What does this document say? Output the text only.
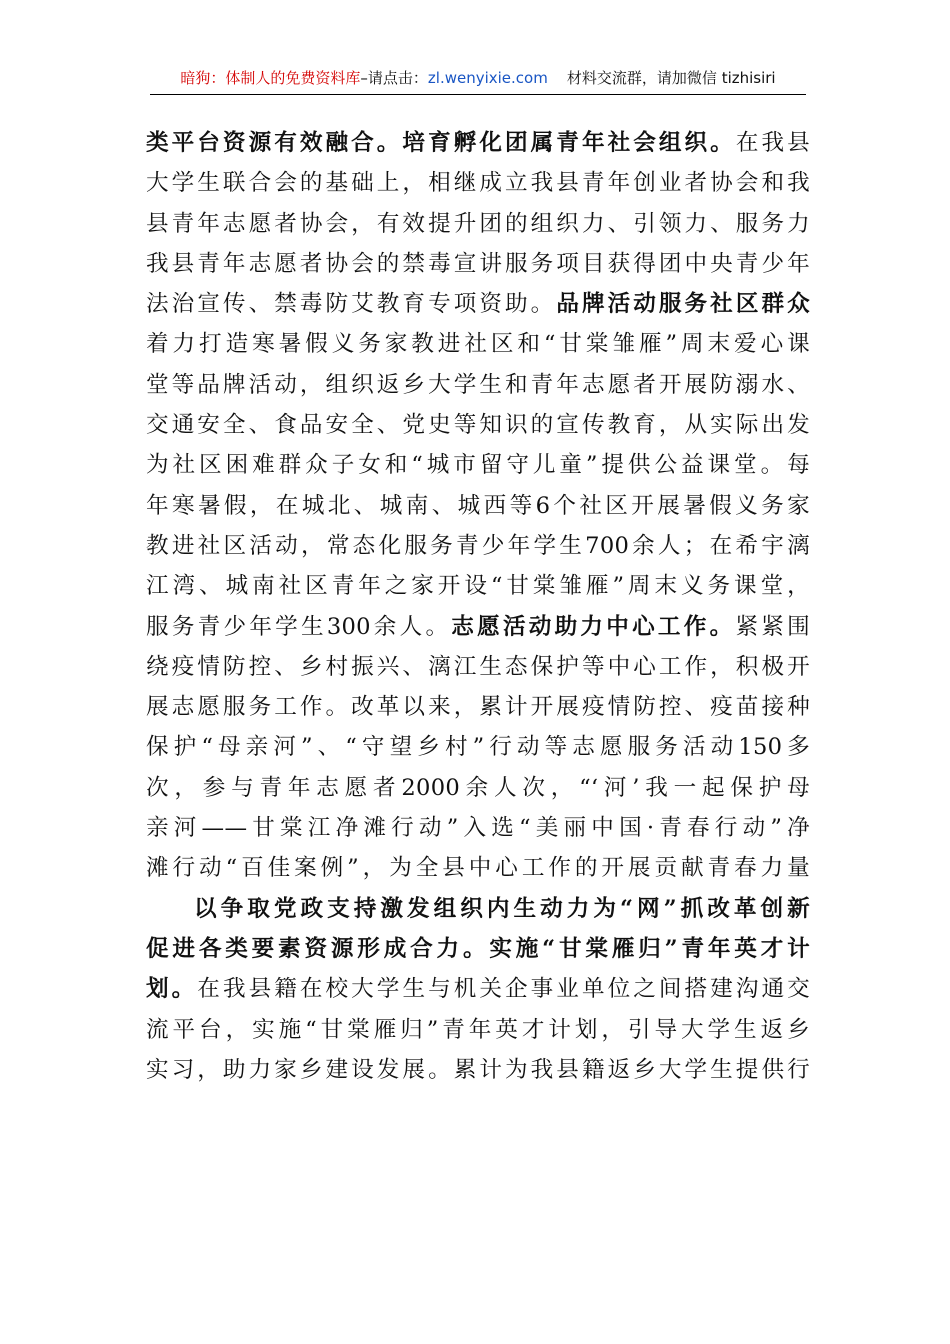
暗狗：体制人的免费资料库–请点击：zl.wenyixie.com 材料交流群，请加微信 tizhisiri
类平台资源有效融合。培育孵化团属青年社会组织。在我县
大学生联合会的基础上，相继成立我县青年创业者协会和我
县青年志愿者协会，有效提升团的组织力、引领力、服务力
我县青年志愿者协会的禁毒宣讲服务项目获得团中央青少年
法治宣传、禁毒防艾教育专项资助。品牌活动服务社区群众
着力打造寒暑假义务家教进社区和“甘棠雏雁”周末爱心课
堂等品牌活动，组织返乡大学生和青年志愿者开展防溺水、
交通安全、食品安全、党史等知识的宣传教育，从实际出发
为社区困难群众子女和“城市留守儿童”提供公益课堂。每
年寒暑假，在城北、城南、城西等6个社区开展暑假义务家
教进社区活动，常态化服务青少年学生700余人；在希宇漓
江湾、城南社区青年之家开设“甘棠雏雁”周末义务课堂，
服务青少年学生300余人。志愿活动助力中心工作。紧紧围
绕疫情防控、乡村振兴、漓江生态保护等中心工作，积极开
展志愿服务工作。改革以来，累计开展疫情防控、疫苗接种
保护“母亲河”、“守望乡村”行动等志愿服务活动150多
次，参与青年志愿者2000余人次，“‘河’我一起保护母
亲河——甘棠江净滩行动”入选“美丽中国·青春行动”净
滩行动“百佳案例”，为全县中心工作的开展贡献青春力量
以争取党政支持激发组织内生动力为“网”抓改革创新
促进各类要素资源形成合力。实施“甘棠雁归”青年英才计
划。在我县籍在校大学生与机关企事业单位之间搭建沟通交
流平台，实施“甘棠雁归”青年英才计划，引导大学生返乡
实习，助力家乡建设发展。累计为我县籍返乡大学生提供行
